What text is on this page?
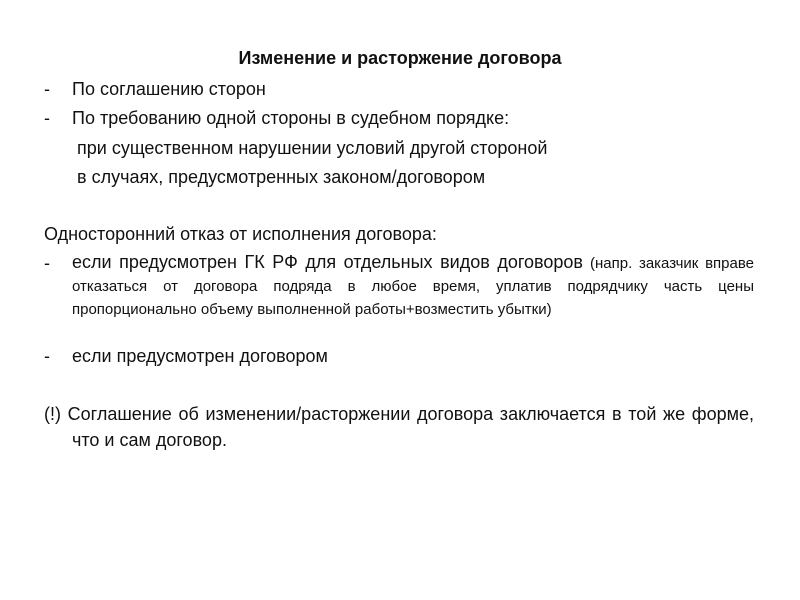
Изменение и расторжение договора
- По соглашению сторон
- По требованию одной стороны в судебном порядке:
при существенном нарушении условий другой стороной
в случаях, предусмотренных законом/договором
Односторонний отказ от исполнения договора:
- если предусмотрен ГК РФ для отдельных видов договоров (напр. заказчик вправе отказаться от договора подряда в любое время, уплатив подрядчику часть цены пропорционально объему выполненной работы+возместить убытки)
- если предусмотрен договором
(!) Соглашение об изменении/расторжении договора заключается в той же форме, что и сам договор.
